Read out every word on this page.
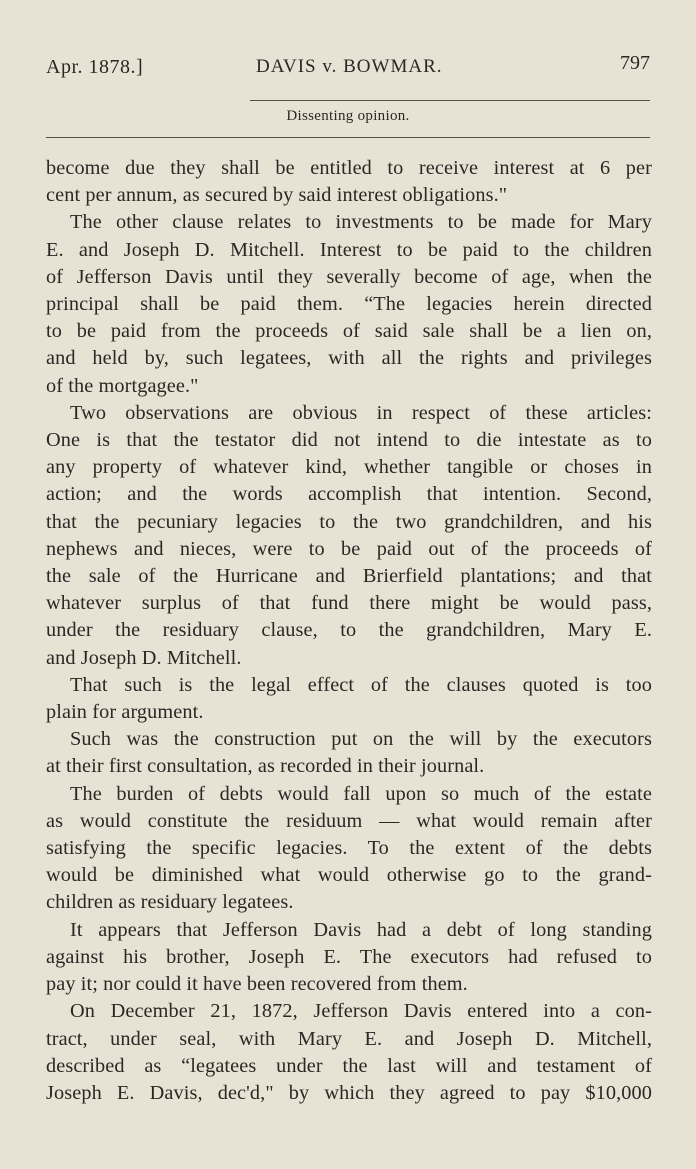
Apr. 1878.]	DAVIS v. BOWMAR.	797
Dissenting opinion.
become due they shall be entitled to receive interest at 6 per
cent per annum, as secured by said interest obligations."
The other clause relates to investments to be made for Mary
E. and Joseph D. Mitchell. Interest to be paid to the children
of Jefferson Davis until they severally become of age, when the
principal shall be paid them. “The legacies herein directed
to be paid from the proceeds of said sale shall be a lien on,
and held by, such legatees, with all the rights and privileges
of the mortgagee."
Two observations are obvious in respect of these articles:
One is that the testator did not intend to die intestate as to
any property of whatever kind, whether tangible or choses in
action; and the words accomplish that intention. Second,
that the pecuniary legacies to the two grandchildren, and his
nephews and nieces, were to be paid out of the proceeds of
the sale of the Hurricane and Brierfield plantations; and that
whatever surplus of that fund there might be would pass,
under the residuary clause, to the grandchildren, Mary E.
and Joseph D. Mitchell.
That such is the legal effect of the clauses quoted is too
plain for argument.
Such was the construction put on the will by the executors
at their first consultation, as recorded in their journal.
The burden of debts would fall upon so much of the estate
as would constitute the residuum — what would remain after
satisfying the specific legacies. To the extent of the debts
would be diminished what would otherwise go to the grand-
children as residuary legatees.
It appears that Jefferson Davis had a debt of long standing
against his brother, Joseph E. The executors had refused to
pay it; nor could it have been recovered from them.
On December 21, 1872, Jefferson Davis entered into a con-
tract, under seal, with Mary E. and Joseph D. Mitchell,
described as “legatees under the last will and testament of
Joseph E. Davis, dec'd," by which they agreed to pay $10,000
